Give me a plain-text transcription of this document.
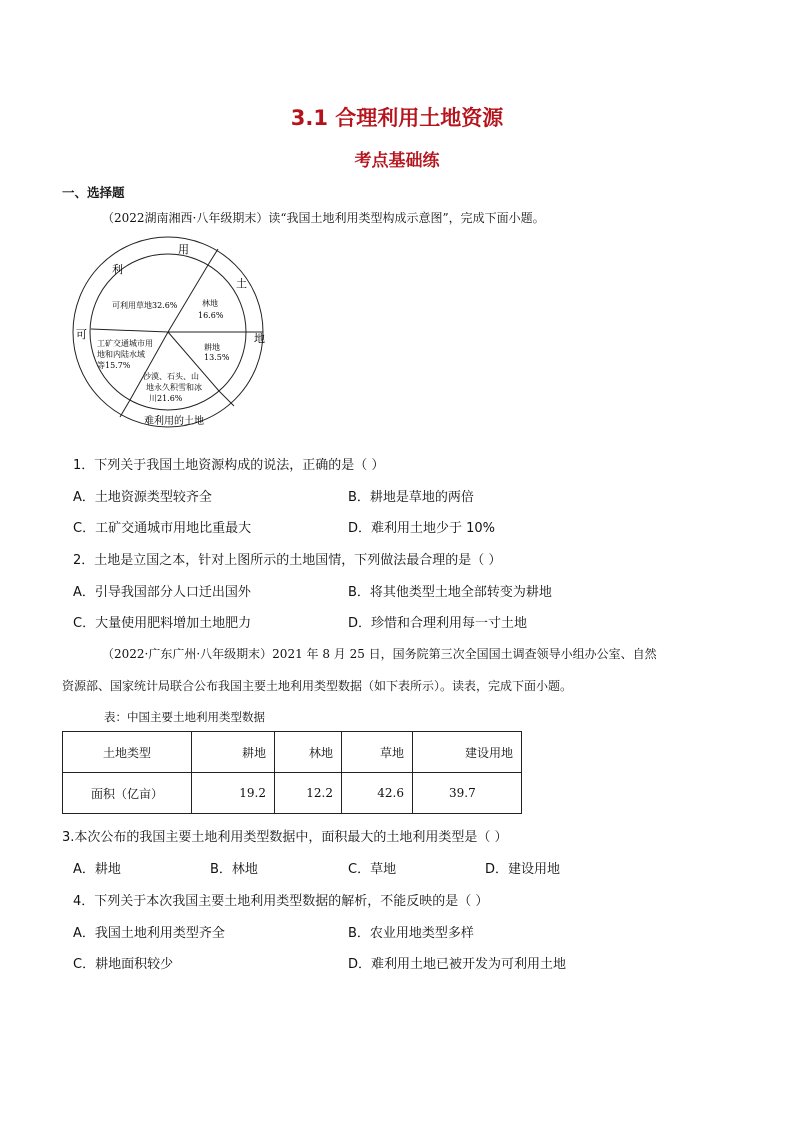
3.1 合理利用土地资源
考点基础练
一、选择题
（2022湖南湘西·八年级期末）读“我国土地利用类型构成示意图”，完成下面小题。
用
土
地
利
可
难利用的土地
可利用草地32.6%	林地
16.6%
耕地
13.5%
沙漠、石头、山
地永久积雪和冰
川21.6%
工矿交通城市用
地和内陆水域
等15.7%
1．下列关于我国土地资源构成的说法，正确的是（ ）
A．土地资源类型较齐全	B．耕地是草地的两倍
C．工矿交通城市用地比重最大	D．难利用土地少于 10%
2．土地是立国之本，针对上图所示的土地国情，下列做法最合理的是（ ）
A．引导我国部分人口迁出国外	B．将其他类型土地全部转变为耕地
C．大量使用肥料增加土地肥力	D．珍惜和合理利用每一寸土地
（2022·广东广州·八年级期末）2021 年 8 月 25 日，国务院第三次全国国土调查领导小组办公室、自然
资源部、国家统计局联合公布我国主要土地利用类型数据（如下表所示）。读表，完成下面小题。
表：中国主要土地利用类型数据
土地类型	耕地	林地	草地	建设用地
面积（亿亩）	19.2	12.2	42.6	39.7
3.本次公布的我国主要土地利用类型数据中，面积最大的土地利用类型是（ ）
A．耕地	B．林地	C．草地	D．建设用地
4．下列关于本次我国主要土地利用类型数据的解析，不能反映的是（ ）
A．我国土地利用类型齐全	B．农业用地类型多样
C．耕地面积较少	D．难利用土地已被开发为可利用土地
